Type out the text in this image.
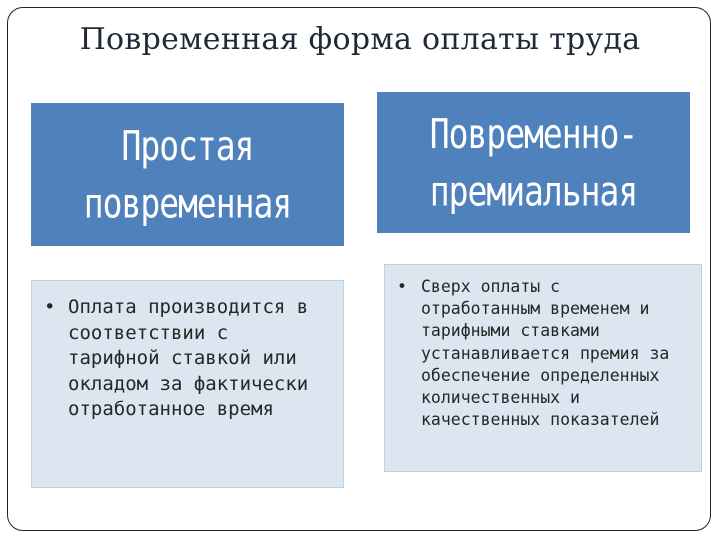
Повременная форма оплаты труда
Простая
повременная
Повременно-
премиальная
• Оплата производится в
соответствии с
тарифной ставкой или
окладом за фактически
отработанное время
• Сверх оплаты с
отработанным временем и
тарифными ставками
устанавливается премия за
обеспечение определенных
количественных и
качественных показателей
